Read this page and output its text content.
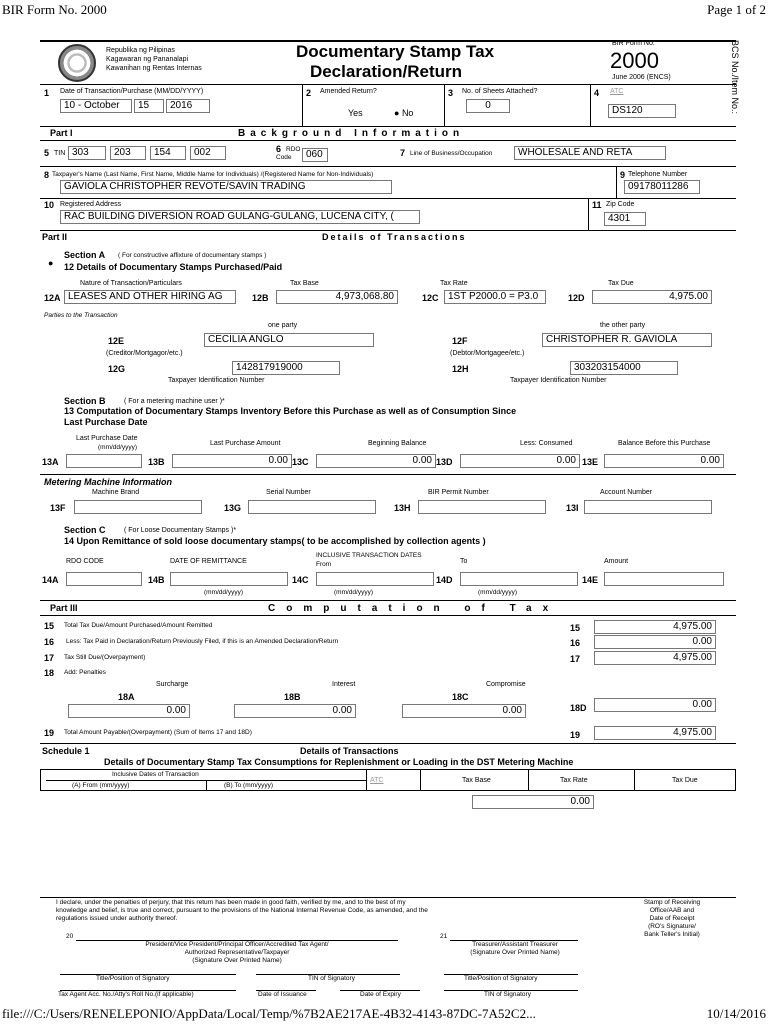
BIR Form No. 2000	Page 1 of 2
Republika ng Pilipinas
Kagawaran ng Pananalapi
Kawanihan ng Rentas Internas
Documentary Stamp Tax
Declaration/Return
BIR Form No.
2000
June 2006 (ENCS)	BCS No./Item No.:
1 Date of Transaction/Purchase (MM/DD/YYYY)
10 - October	15	2016
2 Amended Return?
Yes	● No
3 No. of Sheets Attached?
0
4 ATC
DS120
Part I	Background Information
5 TIN 303	203	154	002	6 RDO
Code	060	7 Line of Business/Occupation	WHOLESALE AND RETA
8 Taxpayer's Name (Last Name, First Name, Middle Name for Individuals) /(Registered Name for Non-Individuals)
GAVIOLA CHRISTOPHER REVOTE/SAVIN TRADING
9 Telephone Number
09178011286
10 Registered Address
RAC BUILDING DIVERSION ROAD GULANG-GULANG, LUCENA CITY, (
11 Zip Code
4301
Part II	Details of Transactions
Section A ( For constructive affixture of documentary stamps )
● 12 Details of Documentary Stamps Purchased/Paid
Nature of Transaction/Particulars	Tax Base	Tax Rate	Tax Due
12A LEASES AND OTHER HIRING AG	12B	4,973,068.80	12C 1ST P2000.0 = P3.0	12D	4,975.00
Parties to the Transaction
one party	the other party
12E	CECILIA ANGLO
(Creditor/Mortgagor/etc.)
12F	CHRISTOPHER R. GAVIOLA
(Debtor/Mortgagee/etc.)
12G	142817919000
Taxpayer Identification Number
12H	303203154000
Taxpayer Identification Number
Section B	( For a metering machine user )*
13 Computation of Documentary Stamps Inventory Before this Purchase as well as of Consumption Since
Last Purchase Date
Last Purchase Date
(mm/dd/yyyy)
Last Purchase Amount	Beginning Balance	Less: Consumed	Balance Before this Purchase
13A	13B	0.00 13C	0.00 13D	0.00 13E	0.00
Metering Machine Information
Machine Brand	Serial Number	BIR Permit Number	Account Number
13F	13G	13H	13I
Section C	( For Loose Documentary Stamps )*
14 Upon Remittance of sold loose documentary stamps( to be accomplished by collection agents )
RDO CODE	DATE OF REMITTANCE
INCLUSIVE TRANSACTION DATES
From	To	Amount
14A	14B
(mm/dd/yyyy)
14C
(mm/dd/yyyy)
14D
(mm/dd/yyyy)
14E
Part III	Computation of Tax
15 Total Tax Due/Amount Purchased/Amount Remitted	15	4,975.00
16 Less: Tax Paid in Declaration/Return Previously Filed, if this is an Amended Declaration/Return	16	0.00
17 Tax Still Due/(Overpayment)	17	4,975.00
18 Add: Penalties
Surcharge	Interest	Compromise
18A	18B	18C
0.00	0.00	0.00	18D	0.00
19 Total Amount Payable/(Overpayment) (Sum of Items 17 and 18D)	19	4,975.00
Schedule 1	Details of Transactions
Details of Documentary Stamp Tax Consumptions for Replenishment or Loading in the DST Metering Machine
Inclusive Dates of Transaction
(A) From (mm/yyyy)	(B) To (mm/yyyy)
ATC	Tax Base	Tax Rate	Tax Due
0.00
I declare, under the penalties of perjury, that this return has been made in good faith, verified by me, and to the best of my
knowledge and belief, is true and correct, pursuant to the provisions of the National Internal Revenue Code, as amended, and the
regulations issued under authority thereof.
Stamp of Receiving
Office/AAB and
Date of Receipt
(RO's Signature/
Bank Teller's Initial)
20
President/Vice President/Principal Officer/Accredited Tax Agent/
Authorized Representative/Taxpayer
(Signature Over Printed Name)
21
Treasurer/Assistant Treasurer
(Signature Over Printed Name)
Title/Position of Signatory	TIN of Signatory	Title/Position of Signatory
Tax Agent Acc. No./Atty's Roll No.(if applicable)	Date of Issuance	Date of Expiry	TIN of Signatory
file:///C:/Users/RENELEPONIO/AppData/Local/Temp/%7B2AE217AE-4B32-4143-87DC-7A52C2...	10/14/2016
